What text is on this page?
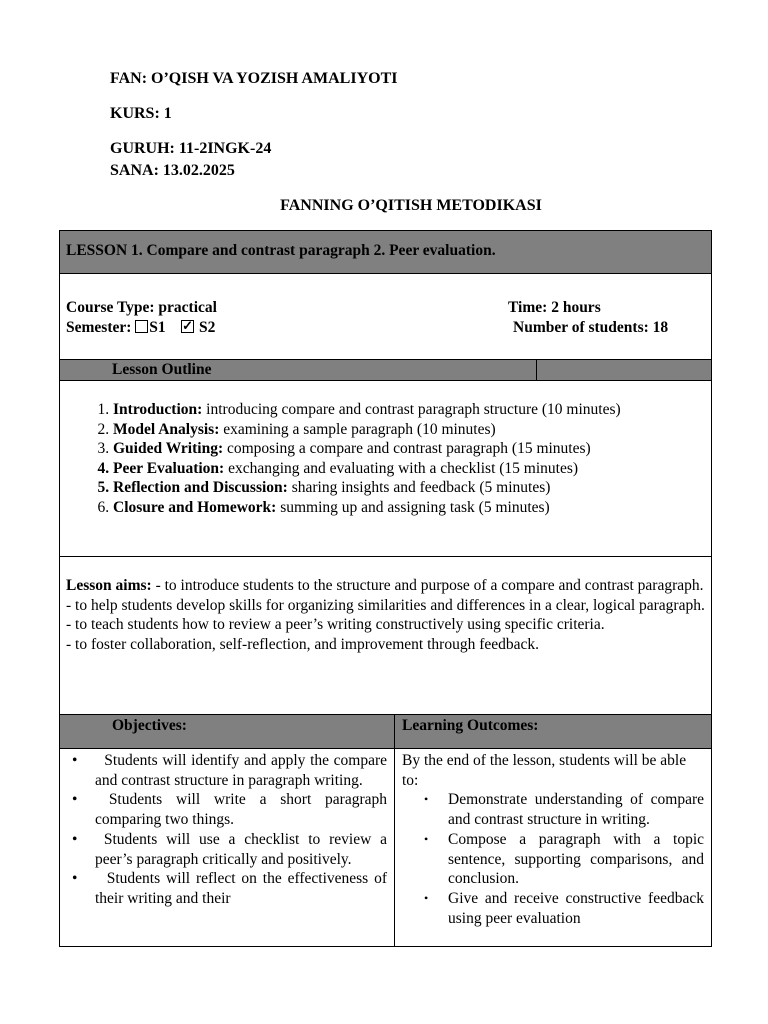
FAN: O’QISH VA YOZISH AMALIYOTI

KURS: 1

GURUH: 11-2INGK-24

SANA: 13.02.2025

FANNING O’QITISH METODIKASI
LESSON 1. Compare and contrast paragraph 2. Peer evaluation.
Course Type: practical
Semester: S1    ✓ S2
Time: 2 hours
Number of students: 18
Lesson Outline
1. Introduction: introducing compare and contrast paragraph structure (10 minutes)
2. Model Analysis: examining a sample paragraph (10 minutes)
3. Guided Writing: composing a compare and contrast paragraph (15 minutes)
4. Peer Evaluation: exchanging and evaluating with a checklist (15 minutes)
5. Reflection and Discussion: sharing insights and feedback (5 minutes)
6. Closure and Homework: summing up and assigning task (5 minutes)
Lesson aims: - to introduce students to the structure and purpose of a compare and contrast paragraph.
- to help students develop skills for organizing similarities and differences in a clear, logical paragraph.
- to teach students how to review a peer’s writing constructively using specific criteria.
- to foster collaboration, self-reflection, and improvement through feedback.
Objectives:	Learning Outcomes:
• Students will identify and apply the compare and contrast structure in paragraph writing.
• Students will write a short paragraph comparing two things.
• Students will use a checklist to review a peer’s paragraph critically and positively.
• Students will reflect on the effectiveness of their writing and their
By the end of the lesson, students will be able to:
• Demonstrate understanding of compare and contrast structure in writing.
• Compose a paragraph with a topic sentence, supporting comparisons, and conclusion.
• Give and receive constructive feedback using peer evaluation
